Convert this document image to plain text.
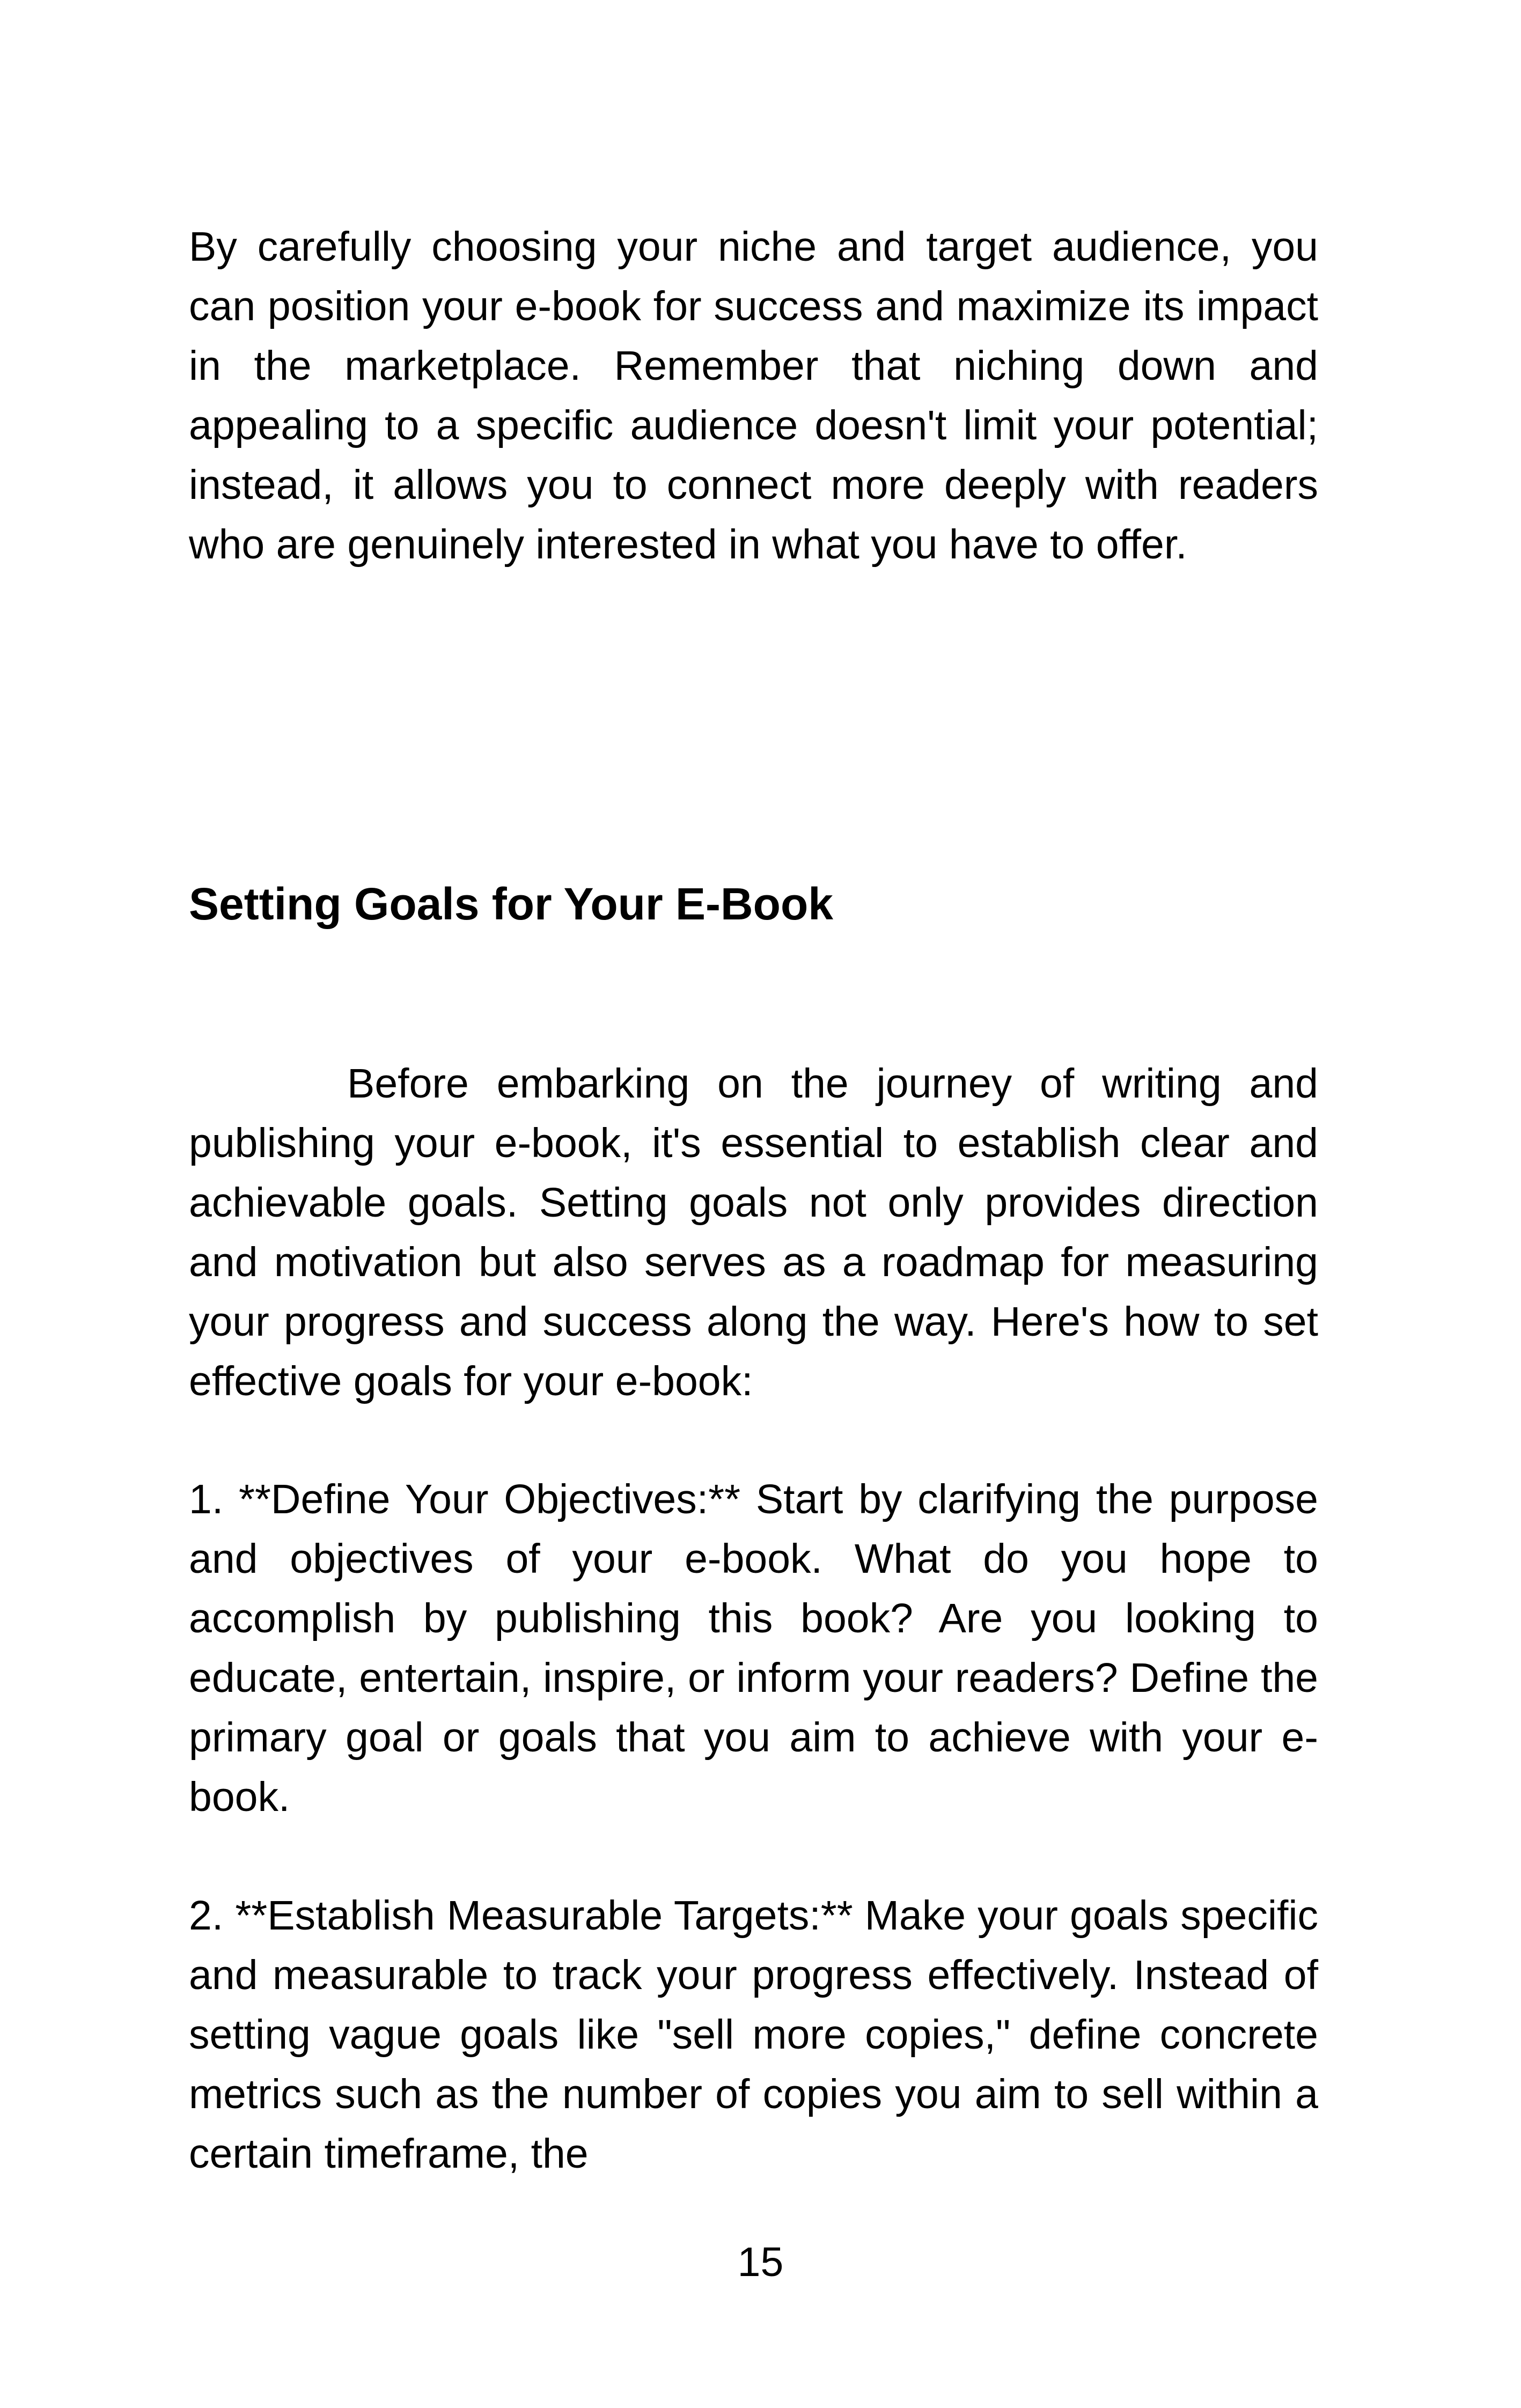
By carefully choosing your niche and target audience, you can position your e-book for success and maximize its impact in the marketplace. Remember that niching down and appealing to a specific audience doesn't limit your potential; instead, it allows you to connect more deeply with readers who are genuinely interested in what you have to offer.

Setting Goals for Your E-Book

Before embarking on the journey of writing and publishing your e-book, it's essential to establish clear and achievable goals. Setting goals not only provides direction and motivation but also serves as a roadmap for measuring your progress and success along the way. Here's how to set effective goals for your e-book:

1. **Define Your Objectives:** Start by clarifying the purpose and objectives of your e-book. What do you hope to accomplish by publishing this book? Are you looking to educate, entertain, inspire, or inform your readers? Define the primary goal or goals that you aim to achieve with your e-book.

2. **Establish Measurable Targets:** Make your goals specific and measurable to track your progress effectively. Instead of setting vague goals like "sell more copies," define concrete metrics such as the number of copies you aim to sell within a certain timeframe, the

15
